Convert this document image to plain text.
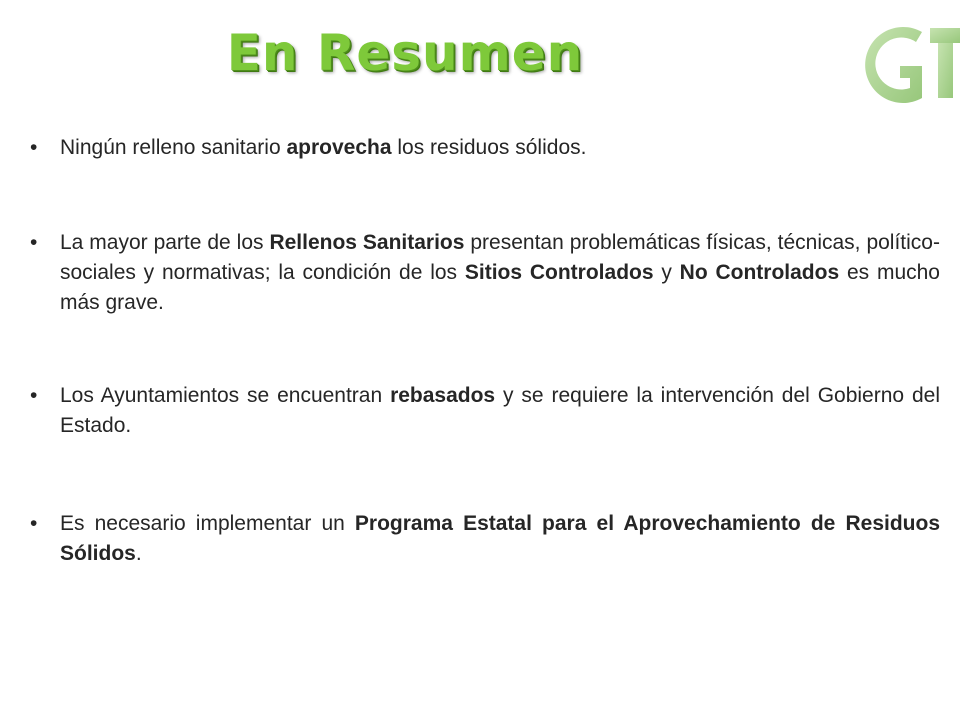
En Resumen
• Ningún relleno sanitario aprovecha los residuos sólidos.
• La mayor parte de los Rellenos Sanitarios presentan problemáticas físicas, técnicas, político-sociales y normativas; la condición de los Sitios Controlados y No Controlados es mucho más grave.
• Los Ayuntamientos se encuentran rebasados y se requiere la intervención del Gobierno del Estado.
• Es necesario implementar un Programa Estatal para el Aprovechamiento de Residuos Sólidos.
